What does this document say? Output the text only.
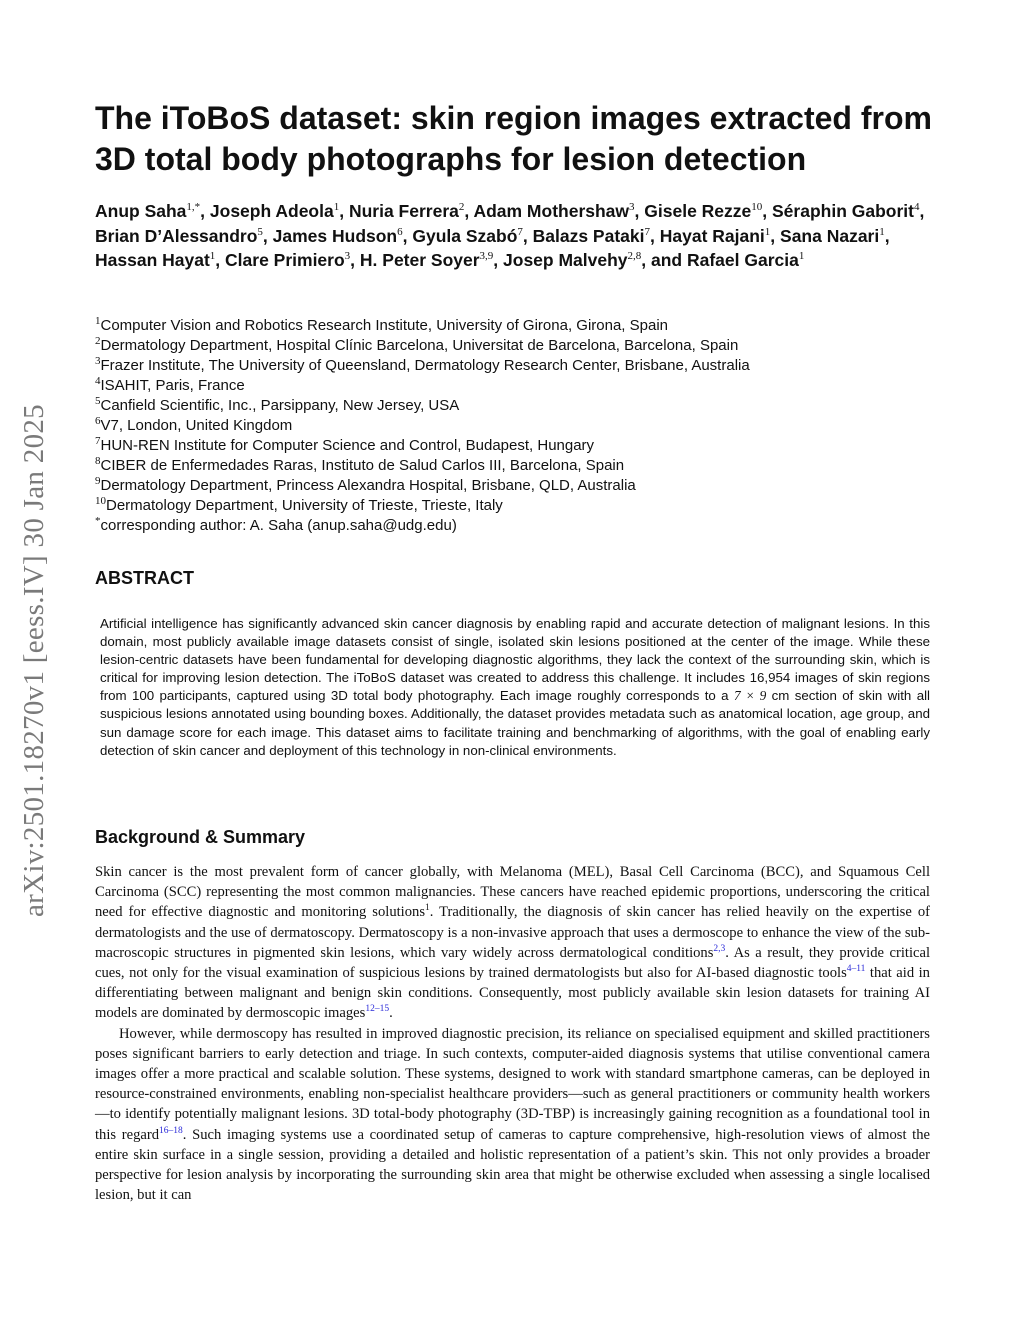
arXiv:2501.18270v1 [eess.IV] 30 Jan 2025
The iToBoS dataset: skin region images extracted from 3D total body photographs for lesion detection

Anup Saha$^{1,*}$, Joseph Adeola$^1$, Nuria Ferrera$^2$, Adam Mothershaw$^3$, Gisele Rezze$^{10}$, Séraphin Gaborit$^4$, Brian D’Alessandro$^5$, James Hudson$^6$, Gyula Szabó$^7$, Balazs Pataki$^7$, Hayat Rajani$^1$, Sana Nazari$^1$, Hassan Hayat$^1$, Clare Primiero$^3$, H. Peter Soyer$^{3,9}$, Josep Malvehy$^{2,8}$, and Rafael Garcia$^1$

$^1$Computer Vision and Robotics Research Institute, University of Girona, Girona, Spain
$^2$Dermatology Department, Hospital Clínic Barcelona, Universitat de Barcelona, Barcelona, Spain
$^3$Frazer Institute, The University of Queensland, Dermatology Research Center, Brisbane, Australia
$^4$ISAHIT, Paris, France
$^5$Canfield Scientific, Inc., Parsippany, New Jersey, USA
$^6$V7, London, United Kingdom
$^7$HUN-REN Institute for Computer Science and Control, Budapest, Hungary
$^8$CIBER de Enfermedades Raras, Instituto de Salud Carlos III, Barcelona, Spain
$^9$Dermatology Department, Princess Alexandra Hospital, Brisbane, QLD, Australia
$^{10}$Dermatology Department, University of Trieste, Trieste, Italy
*corresponding author: A. Saha (anup.saha@udg.edu)
ABSTRACT

Artificial intelligence has significantly advanced skin cancer diagnosis by enabling rapid and accurate detection of malignant lesions. In this domain, most publicly available image datasets consist of single, isolated skin lesions positioned at the center of the image. While these lesion-centric datasets have been fundamental for developing diagnostic algorithms, they lack the context of the surrounding skin, which is critical for improving lesion detection. The iToBoS dataset was created to address this challenge. It includes 16,954 images of skin regions from 100 participants, captured using 3D total body photography. Each image roughly corresponds to a 7 × 9 cm section of skin with all suspicious lesions annotated using bounding boxes. Additionally, the dataset provides metadata such as anatomical location, age group, and sun damage score for each image. This dataset aims to facilitate training and benchmarking of algorithms, with the goal of enabling early detection of skin cancer and deployment of this technology in non-clinical environments.

Background & Summary

Skin cancer is the most prevalent form of cancer globally, with Melanoma (MEL), Basal Cell Carcinoma (BCC), and Squamous Cell Carcinoma (SCC) representing the most common malignancies. These cancers have reached epidemic proportions, underscoring the critical need for effective diagnostic and monitoring solutions$^1$. Traditionally, the diagnosis of skin cancer has relied heavily on the expertise of dermatologists and the use of dermatoscopy. Dermatoscopy is a non-invasive approach that uses a dermoscope to enhance the view of the sub-macroscopic structures in pigmented skin lesions, which vary widely across dermatological conditions$^{2,3}$. As a result, they provide critical cues, not only for the visual examination of suspicious lesions by trained dermatologists but also for AI-based diagnostic tools$^{4-11}$ that aid in differentiating between malignant and benign skin conditions. Consequently, most publicly available skin lesion datasets for training AI models are dominated by dermoscopic images$^{12-15}$.

However, while dermoscopy has resulted in improved diagnostic precision, its reliance on specialised equipment and skilled practitioners poses significant barriers to early detection and triage. In such contexts, computer-aided diagnosis systems that utilise conventional camera images offer a more practical and scalable solution. These systems, designed to work with standard smartphone cameras, can be deployed in resource-constrained environments, enabling non-specialist healthcare providers—such as general practitioners or community health workers—to identify potentially malignant lesions. 3D total-body photography (3D-TBP) is increasingly gaining recognition as a foundational tool in this regard$^{16-18}$. Such imaging systems use a coordinated setup of cameras to capture comprehensive, high-resolution views of almost the entire skin surface in a single session, providing a detailed and holistic representation of a patient’s skin. This not only provides a broader perspective for lesion analysis by incorporating the surrounding skin area that might be otherwise excluded when assessing a single localised lesion, but it can
